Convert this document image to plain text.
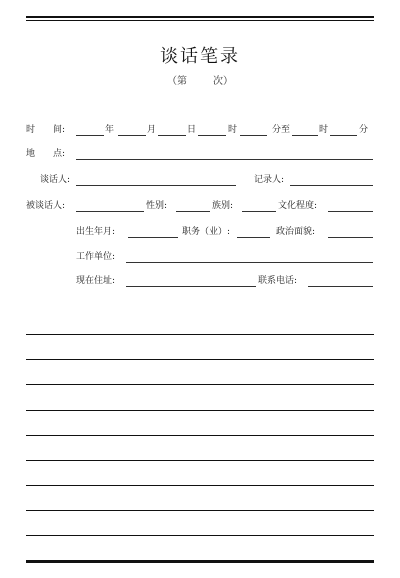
谈话笔录
（第	次）
时　　间:	年	月	日	时	分至	时	分
地　　点:
谈话人:	记录人:
被谈话人:	性别:	族别:	文化程度:
出生年月:	职务（业）:	政治面貌:
工作单位:
现在住址:	联系电话:
